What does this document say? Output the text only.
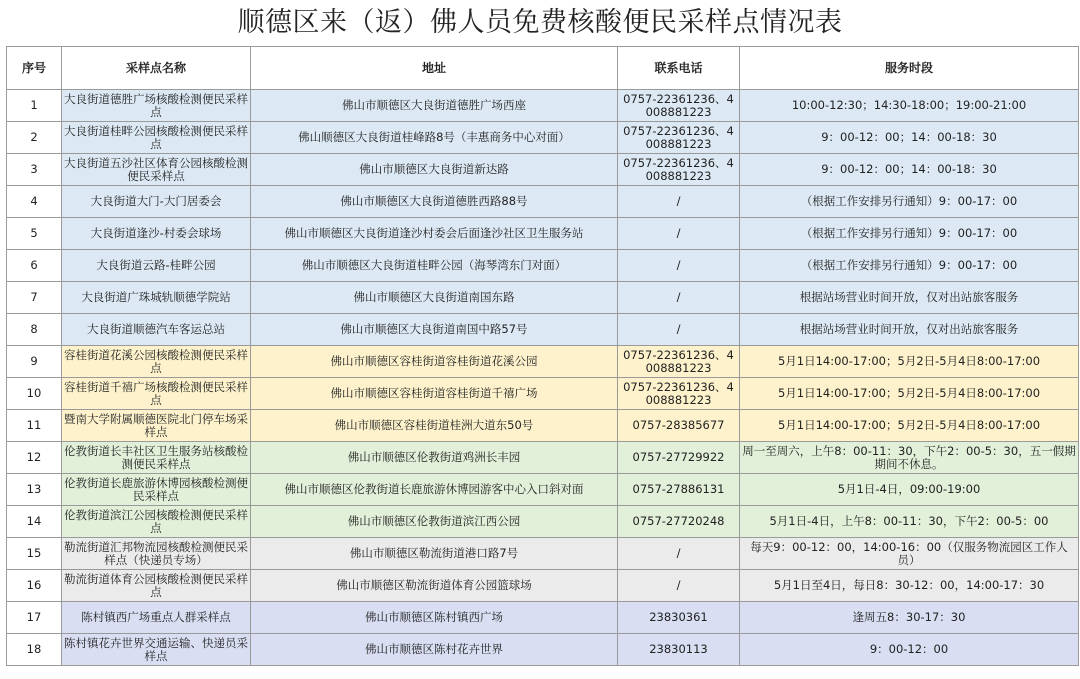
顺德区来（返）佛人员免费核酸便民采样点情况表
序号	采样点名称	地址	联系电话	服务时段
1	大良街道德胜广场核酸检测便民采样点	佛山市顺德区大良街道德胜广场西座	0757-22361236、4008881223	10:00-12:30；14:30-18:00；19:00-21:00
2	大良街道桂畔公园核酸检测便民采样点	佛山顺德区大良街道桂峰路8号（丰惠商务中心对面）	0757-22361236、4008881223	9：00-12：00；14：00-18：30
3	大良街道五沙社区体育公园核酸检测便民采样点	佛山市顺德区大良街道新达路	0757-22361236、4008881223	9：00-12：00；14：00-18：30
4	大良街道大门-大门居委会	佛山市顺德区大良街道德胜西路88号	/	（根据工作安排另行通知）9：00-17：00
5	大良街道逢沙-村委会球场	佛山市顺德区大良街道逢沙村委会后面逢沙社区卫生服务站	/	（根据工作安排另行通知）9：00-17：00
6	大良街道云路-桂畔公园	佛山市顺德区大良街道桂畔公园（海琴湾东门对面）	/	（根据工作安排另行通知）9：00-17：00
7	大良街道广珠城轨顺德学院站	佛山市顺德区大良街道南国东路	/	根据站场营业时间开放，仅对出站旅客服务
8	大良街道顺德汽车客运总站	佛山市顺德区大良街道南国中路57号	/	根据站场营业时间开放，仅对出站旅客服务
9	容桂街道花溪公园核酸检测便民采样点	佛山市顺德区容桂街道容桂街道花溪公园	0757-22361236、4008881223	5月1日14:00-17:00；5月2日-5月4日8:00-17:00
10	容桂街道千禧广场核酸检测便民采样点	佛山市顺德区容桂街道容桂街道千禧广场	0757-22361236、4008881223	5月1日14:00-17:00；5月2日-5月4日8:00-17:00
11	暨南大学附属顺德医院北门停车场采样点	佛山市顺德区容桂街道桂洲大道东50号	0757-28385677	5月1日14:00-17:00；5月2日-5月4日8:00-17:00
12	伦教街道长丰社区卫生服务站核酸检测便民采样点	佛山市顺德区伦教街道鸡洲长丰园	0757-27729922	周一至周六，上午8：00-11：30，下午2：00-5：30，五一假期期间不休息。
13	伦教街道长鹿旅游休博园核酸检测便民采样点	佛山市顺德区伦教街道长鹿旅游休博园游客中心入口斜对面	0757-27886131	5月1日-4日，09:00-19:00
14	伦教街道滨江公园核酸检测便民采样点	佛山市顺德区伦教街道滨江西公园	0757-27720248	5月1日-4日，上午8：00-11：30，下午2：00-5：00
15	勒流街道汇邦物流园核酸检测便民采样点（快递员专场）	佛山市顺德区勒流街道港口路7号	/	每天9：00-12：00，14:00-16：00（仅服务物流园区工作人员）
16	勒流街道体育公园核酸检测便民采样点	佛山市顺德区勒流街道体育公园篮球场	/	5月1日至4日，每日8：30-12：00，14:00-17：30
17	陈村镇西广场重点人群采样点	佛山市顺德区陈村镇西广场	23830361	逢周五8：30-17：30
18	陈村镇花卉世界交通运输、快递员采样点	佛山市顺德区陈村花卉世界	23830113	9：00-12：00
